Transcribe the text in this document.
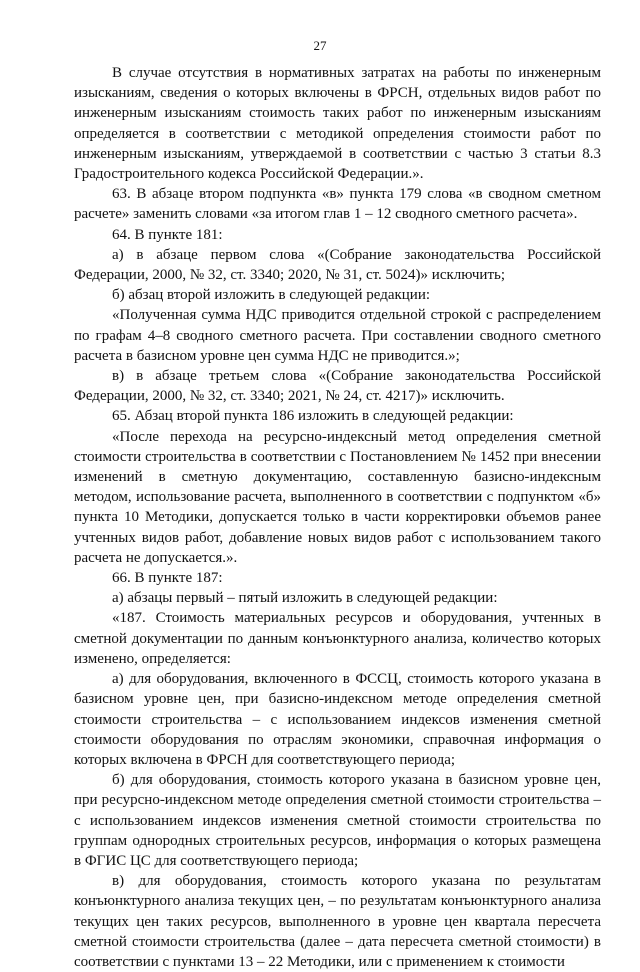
27

В случае отсутствия в нормативных затратах на работы по инженерным изысканиям, сведения о которых включены в ФРСН, отдельных видов работ по инженерным изысканиям стоимость таких работ по инженерным изысканиям определяется в соответствии с методикой определения стоимости работ по инженерным изысканиям, утверждаемой в соответствии с частью 3 статьи 8.3 Градостроительного кодекса Российской Федерации.».

63. В абзаце втором подпункта «в» пункта 179 слова «в сводном сметном расчете» заменить словами «за итогом глав 1 – 12 сводного сметного расчета».

64. В пункте 181:

а) в абзаце первом слова «(Собрание законодательства Российской Федерации, 2000, № 32, ст. 3340; 2020, № 31, ст. 5024)» исключить;

б) абзац второй изложить в следующей редакции:

«Полученная сумма НДС приводится отдельной строкой с распределением по графам 4–8 сводного сметного расчета. При составлении сводного сметного расчета в базисном уровне цен сумма НДС не приводится.»;

в) в абзаце третьем слова «(Собрание законодательства Российской Федерации, 2000, № 32, ст. 3340; 2021, № 24, ст. 4217)» исключить.

65. Абзац второй пункта 186 изложить в следующей редакции:

«После перехода на ресурсно-индексный метод определения сметной стоимости строительства в соответствии с Постановлением № 1452 при внесении изменений в сметную документацию, составленную базисно-индексным методом, использование расчета, выполненного в соответствии с подпунктом «б» пункта 10 Методики, допускается только в части корректировки объемов ранее учтенных видов работ, добавление новых видов работ с использованием такого расчета не допускается.».

66. В пункте 187:

а) абзацы первый – пятый изложить в следующей редакции:

«187. Стоимость материальных ресурсов и оборудования, учтенных в сметной документации по данным конъюнктурного анализа, количество которых изменено, определяется:

а) для оборудования, включенного в ФССЦ, стоимость которого указана в базисном уровне цен, при базисно-индексном методе определения сметной стоимости строительства – с использованием индексов изменения сметной стоимости оборудования по отраслям экономики, справочная информация о которых включена в ФРСН для соответствующего периода;

б) для оборудования, стоимость которого указана в базисном уровне цен, при ресурсно-индексном методе определения сметной стоимости строительства – с использованием индексов изменения сметной стоимости строительства по группам однородных строительных ресурсов, информация о которых размещена в ФГИС ЦС для соответствующего периода;

в) для оборудования, стоимость которого указана по результатам конъюнктурного анализа текущих цен, – по результатам конъюнктурного анализа текущих цен таких ресурсов, выполненного в уровне цен квартала пересчета сметной стоимости строительства (далее – дата пересчета сметной стоимости) в соответствии с пунктами 13 – 22 Методики, или с применением к стоимости
